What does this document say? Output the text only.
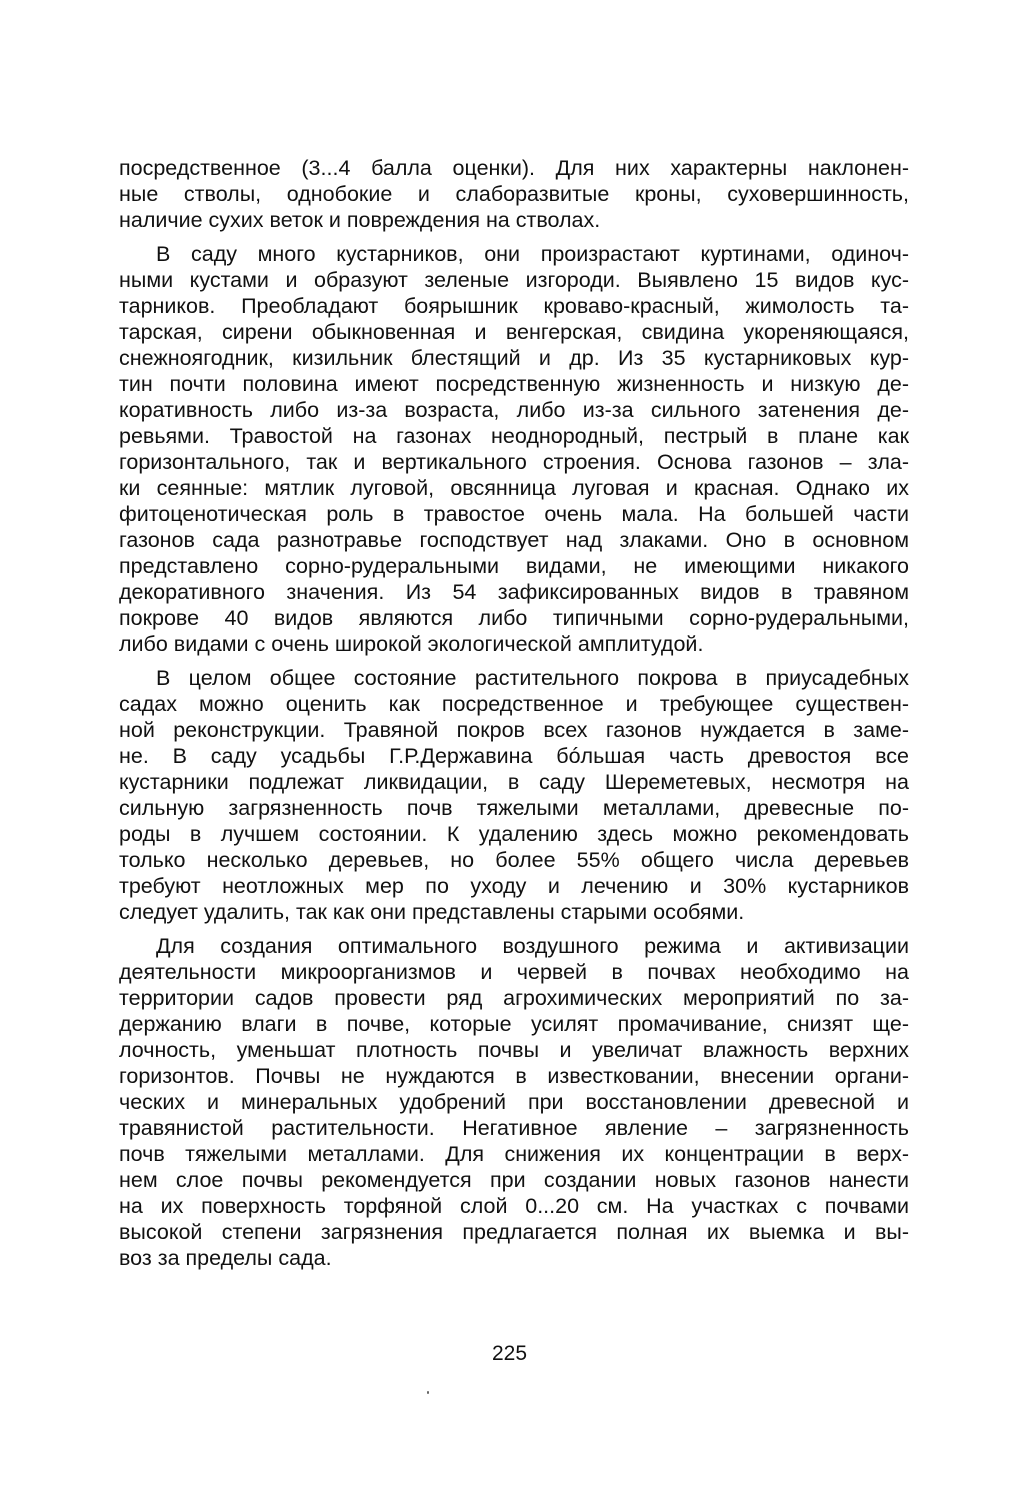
посредственное (3...4 балла оценки). Для них характерны наклонен-
ные стволы, однобокие и слаборазвитые кроны, суховершинность,
наличие сухих веток и повреждения на стволах.
В саду много кустарников, они произрастают куртинами, одиноч-
ными кустами и образуют зеленые изгороди. Выявлено 15 видов кус-
тарников. Преобладают боярышник кроваво-красный, жимолость та-
тарская, сирени обыкновенная и венгерская, свидина укореняющаяся,
снежноягодник, кизильник блестящий и др. Из 35 кустарниковых кур-
тин почти половина имеют посредственную жизненность и низкую де-
коративность либо из-за возраста, либо из-за сильного затенения де-
ревьями. Травостой на газонах неоднородный, пестрый в плане как
горизонтального, так и вертикального строения. Основа газонов – зла-
ки сеянные: мятлик луговой, овсянница луговая и красная. Однако их
фитоценотическая роль в травостое очень мала. На большей части
газонов сада разнотравье господствует над злаками. Оно в основном
представлено сорно-рудеральными видами, не имеющими никакого
декоративного значения. Из 54 зафиксированных видов в травяном
покрове 40 видов являются либо типичными сорно-рудеральными,
либо видами с очень широкой экологической амплитудой.
В целом общее состояние растительного покрова в приусадебных
садах можно оценить как посредственное и требующее существен-
ной реконструкции. Травяной покров всех газонов нуждается в заме-
не. В саду усадьбы Г.Р.Державина бóльшая часть древостоя все
кустарники подлежат ликвидации, в саду Шереметевых, несмотря на
сильную загрязненность почв тяжелыми металлами, древесные по-
роды в лучшем состоянии. К удалению здесь можно рекомендовать
только несколько деревьев, но более 55% общего числа деревьев
требуют неотложных мер по уходу и лечению и 30% кустарников
следует удалить, так как они представлены старыми особями.
Для создания оптимального воздушного режима и активизации
деятельности микроорганизмов и червей в почвах необходимо на
территории садов провести ряд агрохимических мероприятий по за-
держанию влаги в почве, которые усилят промачивание, снизят ще-
лочность, уменьшат плотность почвы и увеличат влажность верхних
горизонтов. Почвы не нуждаются в известковании, внесении органи-
ческих и минеральных удобрений при восстановлении древесной и
травянистой растительности. Негативное явление – загрязненность
почв тяжелыми металлами. Для снижения их концентрации в верх-
нем слое почвы рекомендуется при создании новых газонов нанести
на их поверхность торфяной слой 0...20 см. На участках с почвами
высокой степени загрязнения предлагается полная их выемка и вы-
воз за пределы сада.
225
